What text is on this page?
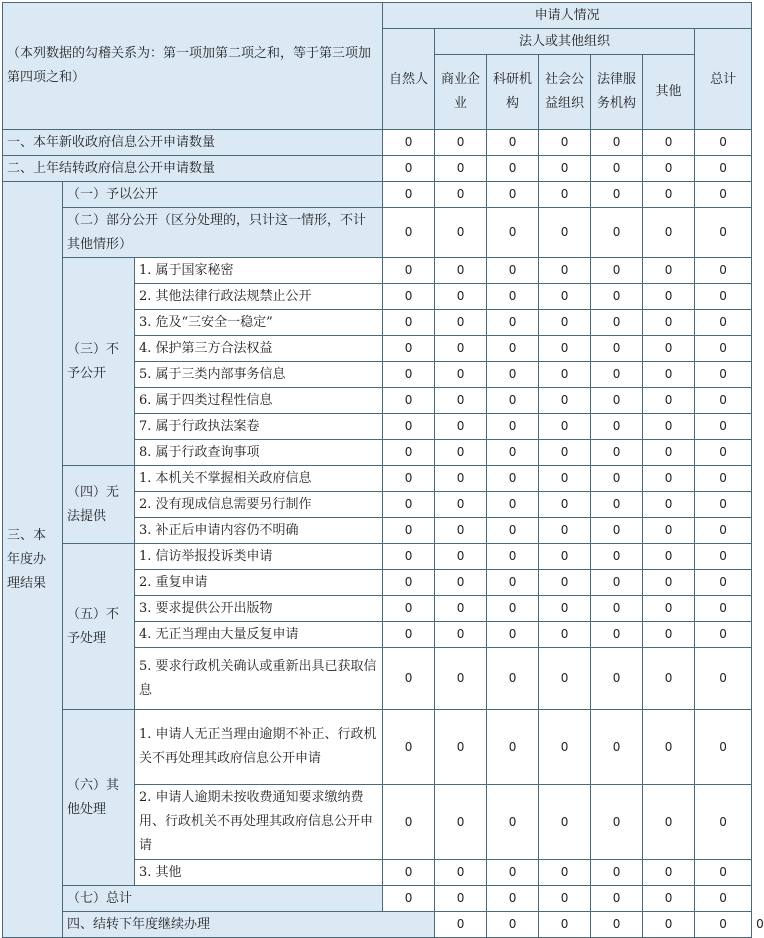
（本列数据的勾稽关系为：第一项加第二项之和，等于第三项加第四项之和）			申请人情况							
			自然人	法人或其他组织					总计	
				商业企业	科研机构	社会公益组织	法律服务机构	其他		
一、本年新收政府信息公开申请数量			0	0	0	0	0	0	0	
二、上年结转政府信息公开申请数量			0	0	0	0	0	0	0	
三、本年度办理结果	（一）予以公开		0	0	0	0	0	0	0	
	（二）部分公开（区分处理的，只计这一情形，不计其他情形）		0	0	0	0	0	0	0	
	（三）不予公开	1. 属于国家秘密	0	0	0	0	0	0	0	
		2. 其他法律行政法规禁止公开	0	0	0	0	0	0	0	
		3. 危及“三安全一稳定”	0	0	0	0	0	0	0	
		4. 保护第三方合法权益	0	0	0	0	0	0	0	
		5. 属于三类内部事务信息	0	0	0	0	0	0	0	
		6. 属于四类过程性信息	0	0	0	0	0	0	0	
		7. 属于行政执法案卷	0	0	0	0	0	0	0	
		8. 属于行政查询事项	0	0	0	0	0	0	0	
	（四）无法提供	1. 本机关不掌握相关政府信息	0	0	0	0	0	0	0	
		2. 没有现成信息需要另行制作	0	0	0	0	0	0	0	
		3. 补正后申请内容仍不明确	0	0	0	0	0	0	0	
	（五）不予处理	1. 信访举报投诉类申请	0	0	0	0	0	0	0	
		2. 重复申请	0	0	0	0	0	0	0	
		3. 要求提供公开出版物	0	0	0	0	0	0	0	
		4. 无正当理由大量反复申请	0	0	0	0	0	0	0	
		5. 要求行政机关确认或重新出具已获取信息	0	0	0	0	0	0	0	
	（六）其他处理	1. 申请人无正当理由逾期不补正、行政机关不再处理其政府信息公开申请	0	0	0	0	0	0	0	
		2. 申请人逾期未按收费通知要求缴纳费用、行政机关不再处理其政府信息公开申请	0	0	0	0	0	0	0	
		3. 其他	0	0	0	0	0	0	0	
	（七）总计		0	0	0	0	0	0	0	
	四、结转下年度继续办理			0	0	0	0	0	0	0
